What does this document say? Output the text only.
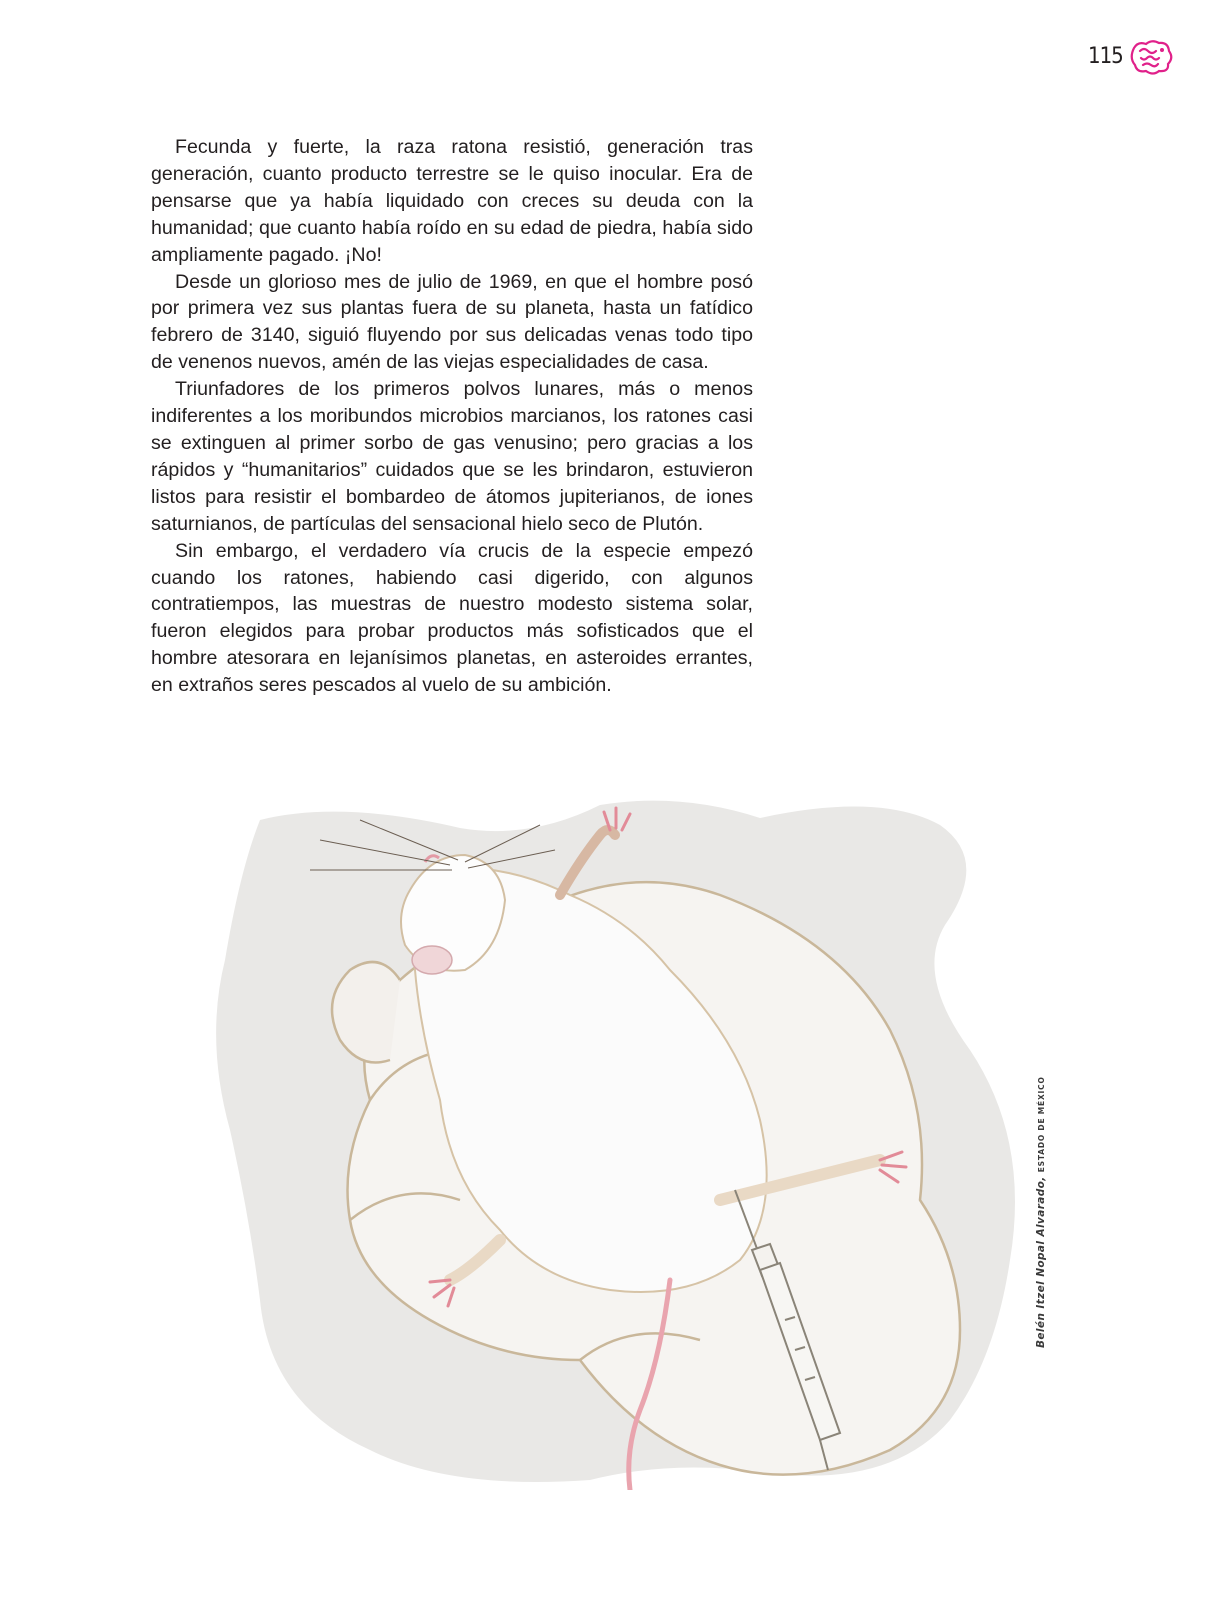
115

Fecunda y fuerte, la raza ratona resistió, generación tras generación, cuanto producto terrestre se le quiso inocular. Era de pensarse que ya había liquidado con creces su deuda con la humanidad; que cuanto había roído en su edad de piedra, había sido ampliamente pagado. ¡No!

Desde un glorioso mes de julio de 1969, en que el hombre posó por primera vez sus plantas fuera de su planeta, hasta un fatídico febrero de 3140, siguió fluyendo por sus delicadas venas todo tipo de venenos nuevos, amén de las viejas especialidades de casa.

Triunfadores de los primeros polvos lunares, más o menos indiferentes a los moribundos microbios marcianos, los ratones casi se extinguen al primer sorbo de gas venusino; pero gracias a los rápidos y “humanitarios” cuidados que se les brindaron, estuvieron listos para resistir el bombardeo de átomos jupiterianos, de iones saturnianos, de partículas del sensacional hielo seco de Plutón.

Sin embargo, el verdadero vía crucis de la especie empezó cuando los ratones, habiendo casi digerido, con algunos contratiempos, las muestras de nuestro modesto sistema solar, fueron elegidos para probar productos más sofisticados que el hombre atesorara en lejanísimos planetas, en asteroides errantes, en extraños seres pescados al vuelo de su ambición.

Belén Itzel Nopal Alvarado, ESTADO DE MÉXICO
